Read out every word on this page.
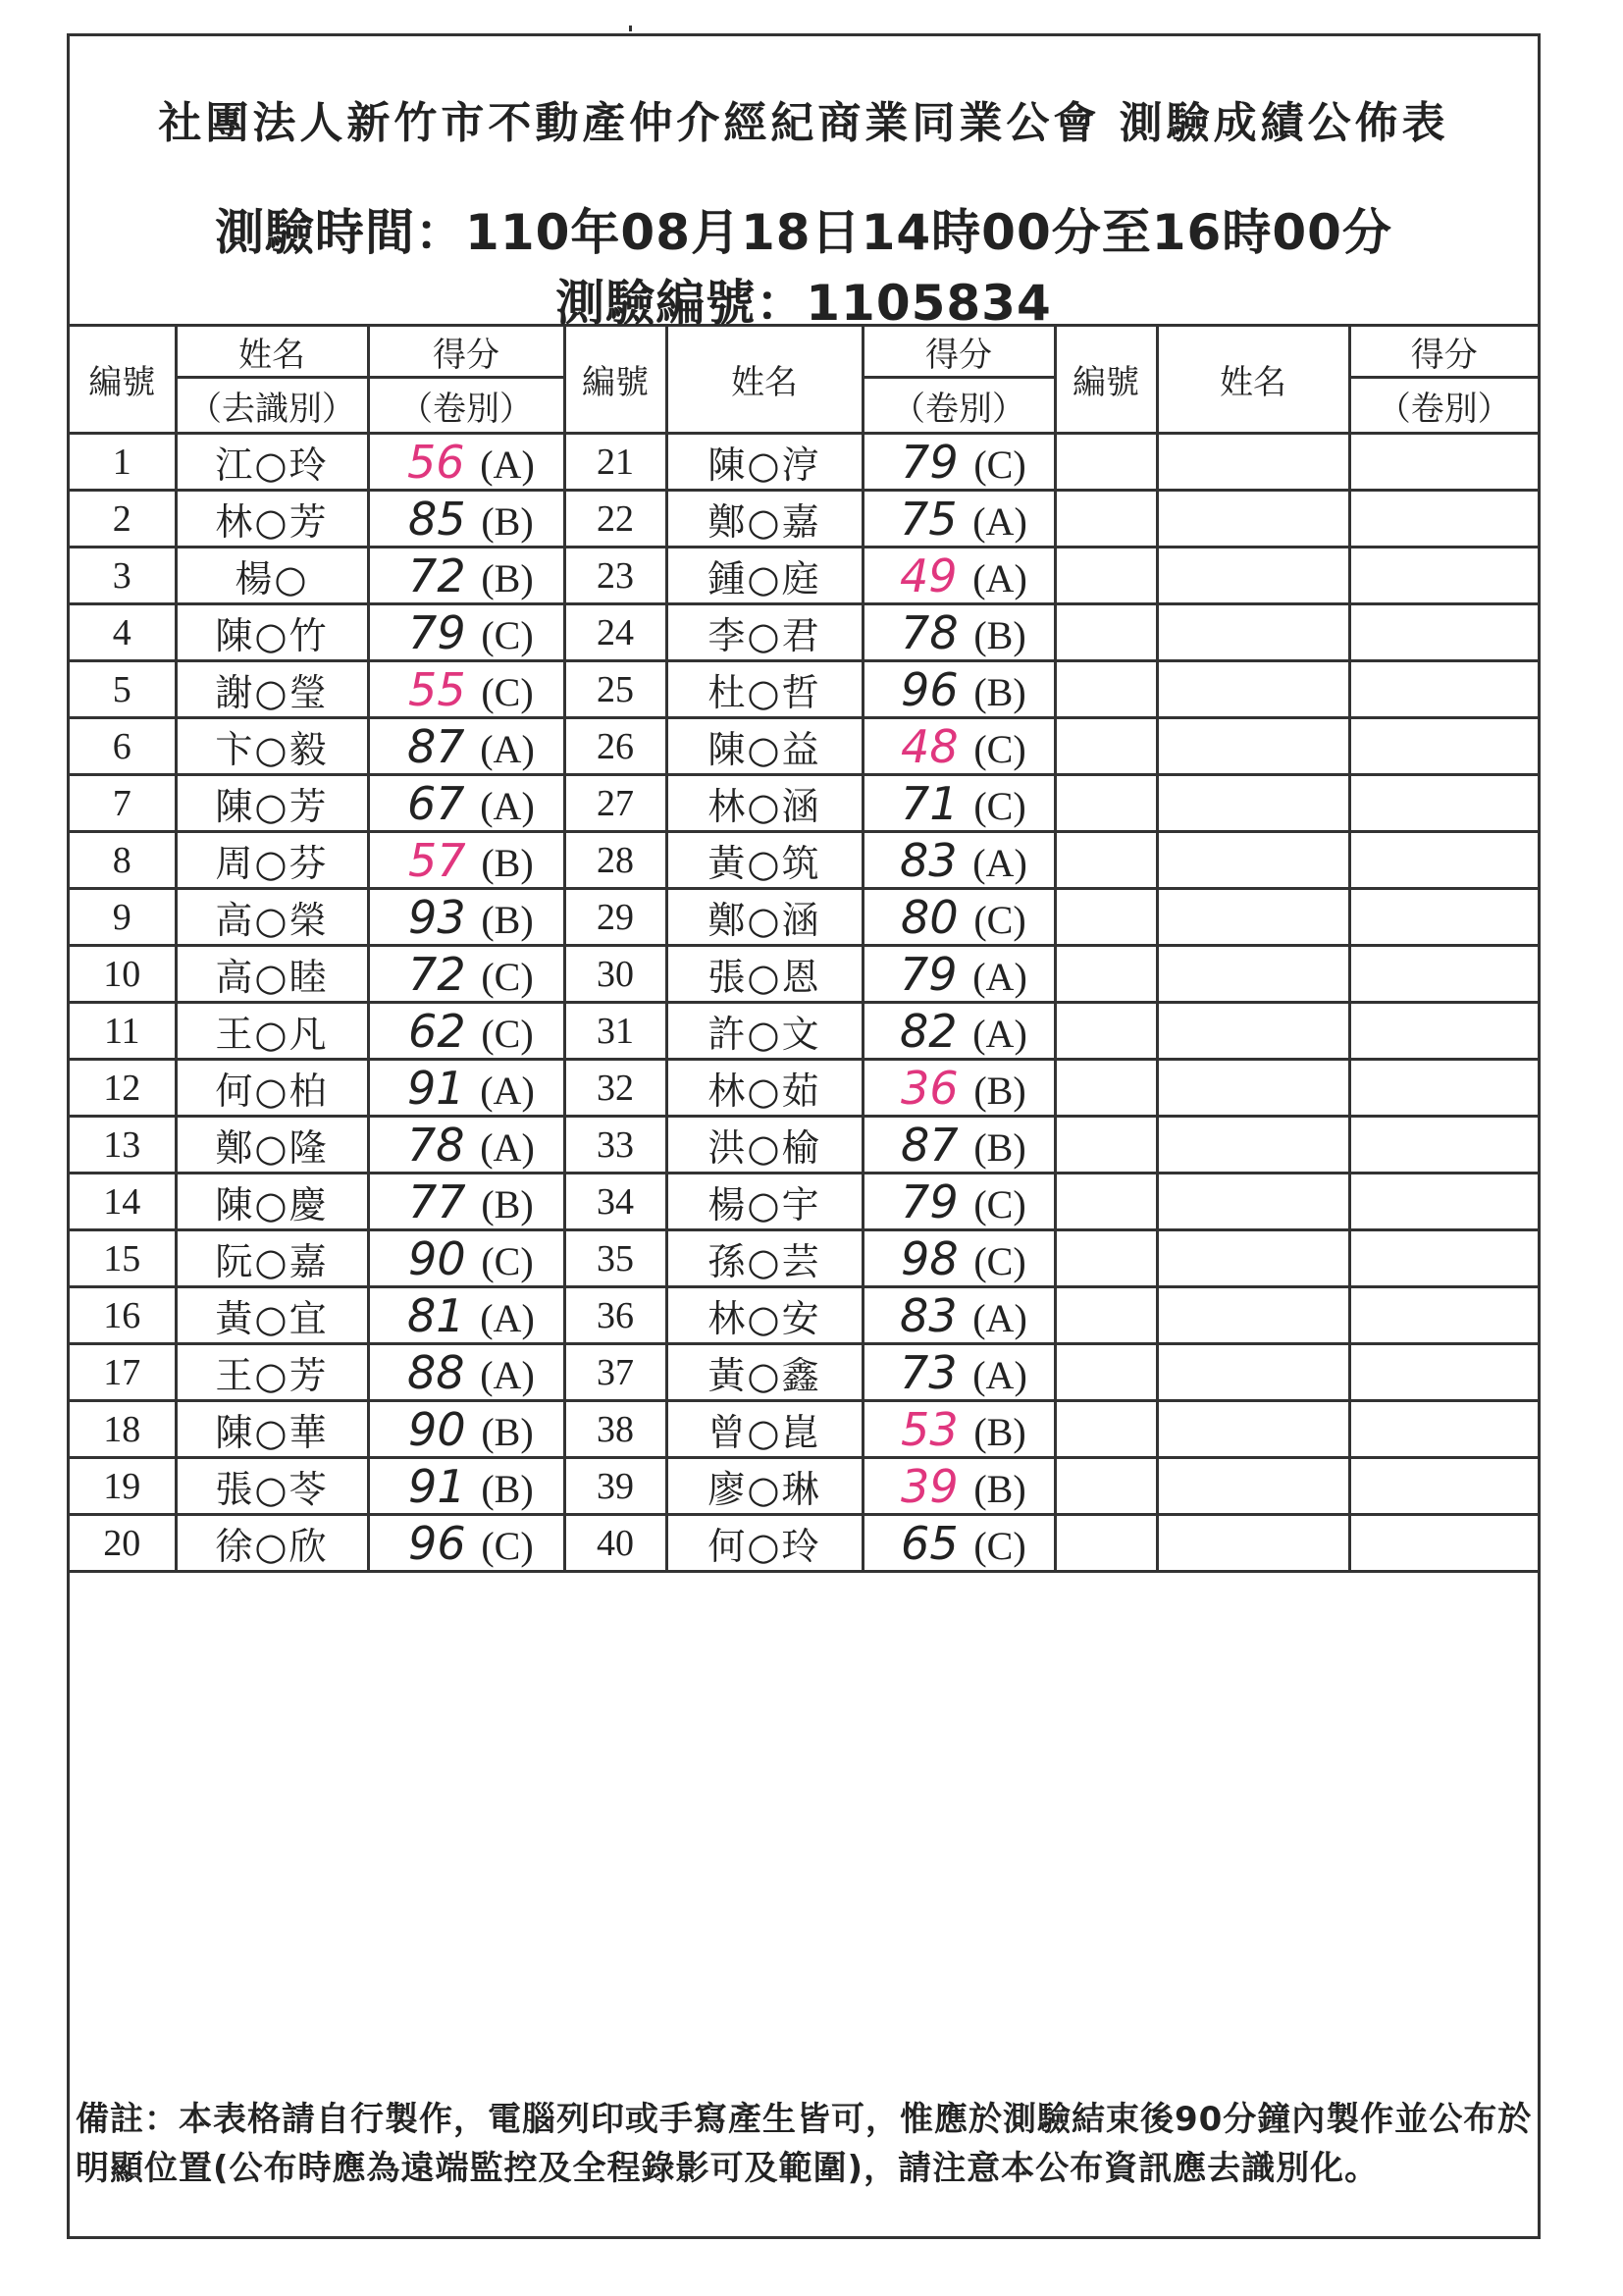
社團法人新竹市不動產仲介經紀商業同業公會 測驗成績公佈表
測驗時間：110年08月18日14時00分至16時00分
測驗編號：1105834
編號	姓名	得分	編號	姓名	得分	編號	姓名	得分
	（去識別）	（卷別）			（卷別）			（卷別）
1	江○玲	56 (A)	21	陳○涥	79 (C)			
2	林○芳	85 (B)	22	鄭○嘉	75 (A)			
3	楊○	72 (B)	23	鍾○庭	49 (A)			
4	陳○竹	79 (C)	24	李○君	78 (B)			
5	謝○瑩	55 (C)	25	杜○哲	96 (B)			
6	卞○毅	87 (A)	26	陳○益	48 (C)			
7	陳○芳	67 (A)	27	林○涵	71 (C)			
8	周○芬	57 (B)	28	黃○筑	83 (A)			
9	高○榮	93 (B)	29	鄭○涵	80 (C)			
10	高○睦	72 (C)	30	張○恩	79 (A)			
11	王○凡	62 (C)	31	許○文	82 (A)			
12	何○柏	91 (A)	32	林○茹	36 (B)			
13	鄭○隆	78 (A)	33	洪○榆	87 (B)			
14	陳○慶	77 (B)	34	楊○宇	79 (C)			
15	阮○嘉	90 (C)	35	孫○芸	98 (C)			
16	黃○宜	81 (A)	36	林○安	83 (A)			
17	王○芳	88 (A)	37	黃○鑫	73 (A)			
18	陳○華	90 (B)	38	曾○崑	53 (B)			
19	張○苓	91 (B)	39	廖○琳	39 (B)			
20	徐○欣	96 (C)	40	何○玲	65 (C)			
備註：本表格請自行製作，電腦列印或手寫產生皆可，惟應於測驗結束後90分鐘內製作並公布於明顯位置(公布時應為遠端監控及全程錄影可及範圍)，請注意本公布資訊應去識別化。
